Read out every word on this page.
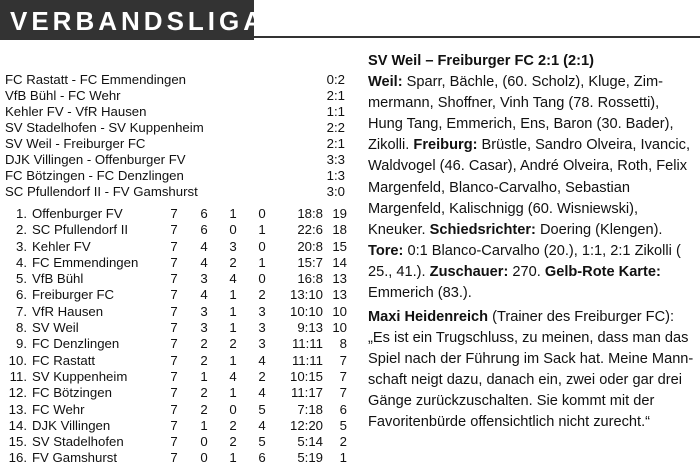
VERBANDSLIGA
FC Rastatt - FC Emmendingen	0:2
VfB Bühl - FC Wehr	2:1
Kehler FV - VfR Hausen	1:1
SV Stadelhofen - SV Kuppenheim	2:2
SV Weil - Freiburger FC	2:1
DJK Villingen - Offenburger FV	3:3
FC Bötzingen - FC Denzlingen	1:3
SC Pfullendorf II - FV Gamshurst	3:0
1. Offenburger FV	7 6 1 0	18:8 19
2. SC Pfullendorf II	7 6 0 1	22:6 18
3. Kehler FV	7 4 3 0	20:8 15
4. FC Emmendingen 7 4 2 1	15:7 14
5. VfB Bühl	7 3 4 0	16:8 13
6. Freiburger FC	7 4 1 2	13:10 13
7. VfR Hausen	7 3 1 3	10:10 10
8. SV Weil	7 3 1 3	9:13 10
9. FC Denzlingen	7 2 2 3	11:11	8
10. FC Rastatt	7 2 1 4	11:11	7
11. SV Kuppenheim	7 1 4 2	10:15	7
12. FC Bötzingen	7 2 1 4	11:17	7
13. FC Wehr	7 2 0 5	7:18	6
14. DJK Villingen	7 1 2 4	12:20	5
15. SV Stadelhofen	7 0 2 5	5:14	2
16. FV Gamshurst	7 0 1 6	5:19	1
SV Weil – Freiburger FC 2:1 (2:1)
Weil: Sparr, Bächle, (60. Scholz), Kluge, Zimmermann, Shoffner, Vinh Tang (78. Rossetti), Hung Tang, Emmerich, Ens, Baron (30. Bader), Zikolli. Freiburg: Brüstle, Sandro Olveira, Ivancic, Waldvogel (46. Casar), André Olveira, Roth, Felix Margenfeld, Blanco-Carvalho, Sebastian Margenfeld, Kalischnigg (60. Wisniewski), Kneuker. Schiedsrichter: Doering (Klengen). Tore: 0:1 Blanco-Carvalho (20.), 1:1, 2:1 Zikolli ( 25., 41.). Zuschauer: 270. Gelb-Rote Karte: Emmerich (83.).
Maxi Heidenreich (Trainer des Freiburger FC): „Es ist ein Trugschluss, zu meinen, dass man das Spiel nach der Führung im Sack hat. Meine Mannschaft neigt dazu, danach ein, zwei oder gar drei Gänge zurückzuschalten. Sie kommt mit der Favoritenbürde offensichtlich nicht zurecht.“
